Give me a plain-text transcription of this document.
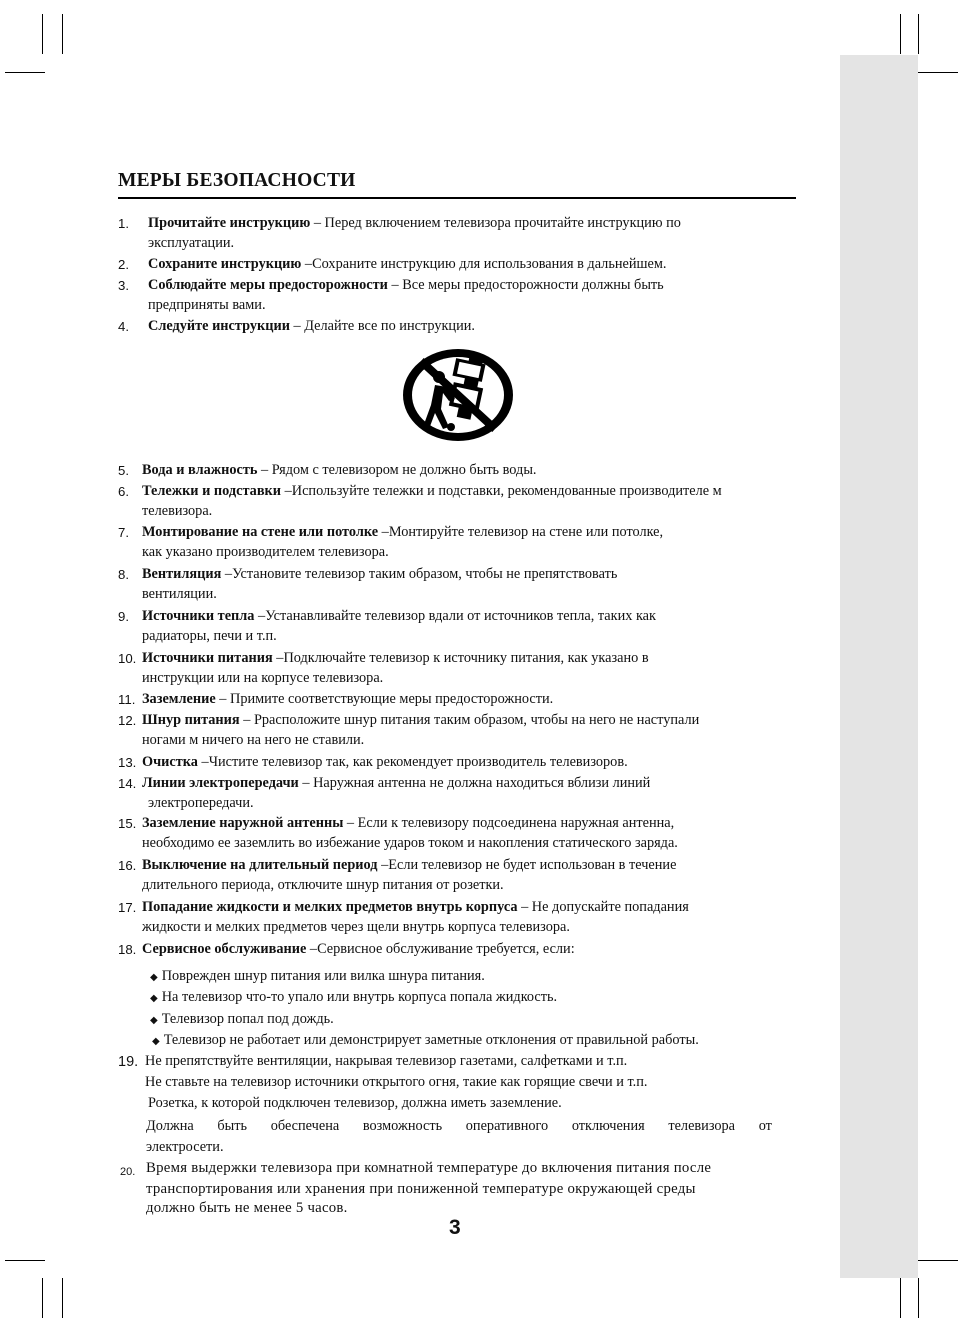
МЕРЫ БЕЗОПАСНОСТИ
1. Прочитайте инструкцию – Перед включением телевизора прочитайте инструкцию по
эксплуатации.
2. Сохраните инструкцию –Сохраните инструкцию для использования в дальнейшем.
3. Соблюдайте меры предосторожности – Все меры предосторожности должны быть
предприняты вами.
4. Следуйте инструкции – Делайте все по инструкции.
5. Вода и влажность – Рядом с телевизором не должно быть воды.
6. Тележки и подставки –Используйте тележки и подставки, рекомендованные производителе м
телевизора.
7. Монтирование на стене или потолке –Монтируйте телевизор на стене или потолке,
как указано производителем телевизора.
8. Вентиляция –Установите телевизор таким образом, чтобы не препятствовать
вентиляции.
9. Источники тепла –Устанавливайте телевизор вдали от источников тепла, таких как
радиаторы, печи и т.п.
10. Источники питания –Подключайте телевизор к источнику питания, как указано в
инструкции или на корпусе телевизора.
11. Заземление – Примите соответствующие меры предосторожности.
12. Шнур питания – Ррасположите шнур питания таким образом, чтобы на него не наступали
ногами м ничего на него не ставили.
13. Очистка –Чистите телевизор так, как рекомендует производитель телевизоров.
14. Линии электропередачи – Наружная антенна не должна находиться вблизи линий
электропередачи.
15. Заземление наружной антенны – Если к телевизору подсоединена наружная антенна,
необходимо ее заземлить во избежание ударов током и накопления статического заряда.
16. Выключение на длительный период –Если телевизор не будет использован в течение
длительного периода, отключите шнур питания от розетки.
17. Попадание жидкости и мелких предметов внутрь корпуса – Не допускайте попадания
жидкости и мелких предметов через щели внутрь корпуса телевизора.
18. Сервисное обслуживание –Сервисное обслуживание требуется, если:
◆ Поврежден шнур питания или вилка шнура питания.
◆ На телевизор что-то упало или внутрь корпуса попала жидкость.
◆ Телевизор попал под дождь.
◆ Телевизор не работает или демонстрирует заметные отклонения от правильной работы.
19. Не препятствуйте вентиляции, накрывая телевизор газетами, салфетками и т.п.
Не ставьте на телевизор источники открытого огня, такие как горящие свечи и т.п.
Розетка, к которой подключен телевизор, должна иметь заземление.
Должна быть обеспечена возможность оперативного отключения телевизора от
электросети.
20. Время выдержки телевизора при комнатной температуре до включения питания после
транспортирования или хранения при пониженной температуре окружающей среды
должно быть не менее 5 часов.
3
